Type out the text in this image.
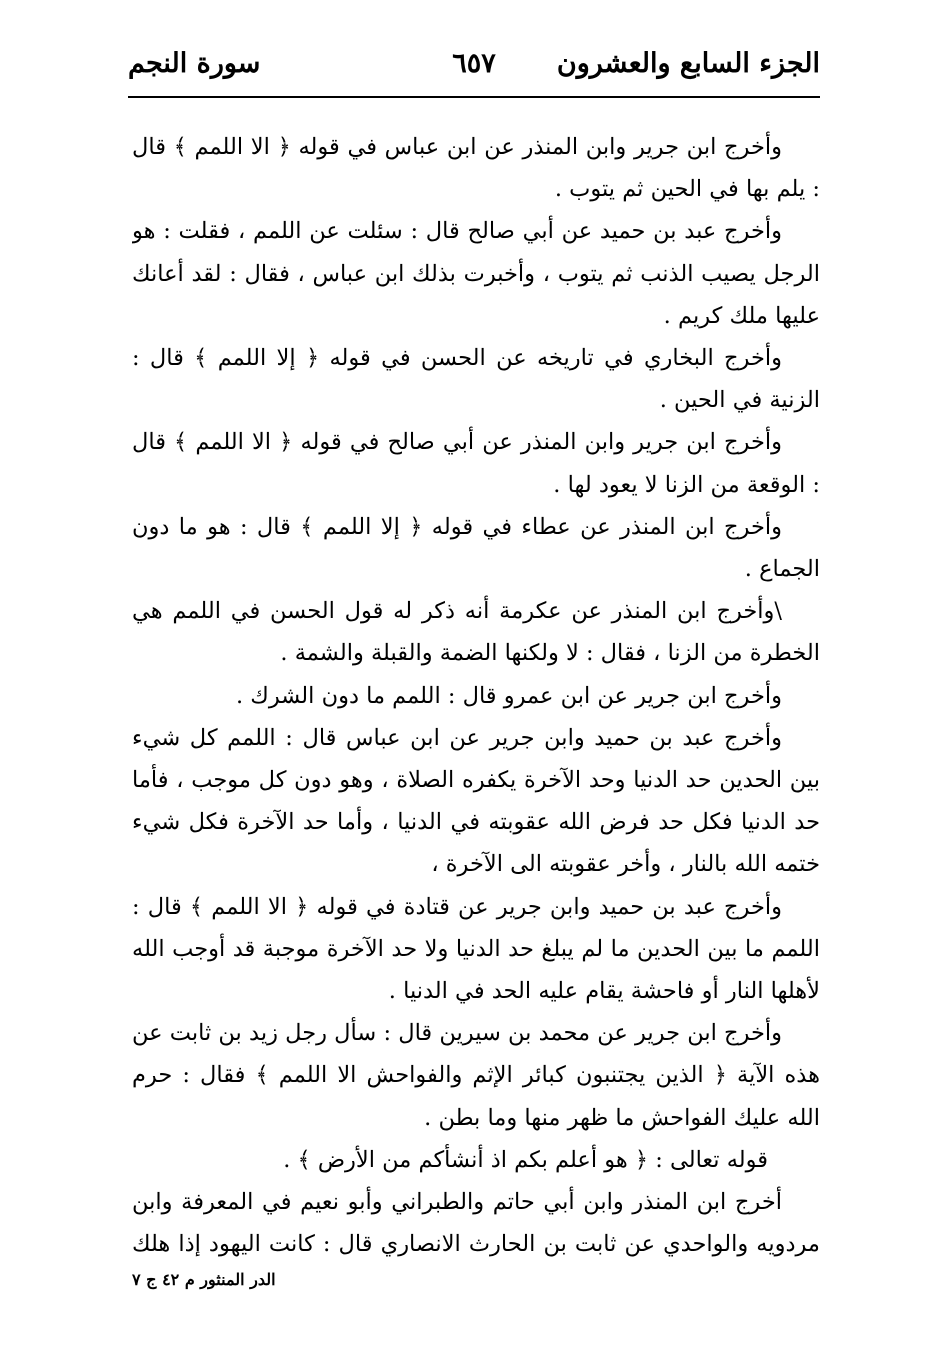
الجزء السابع والعشرون
٦٥٧
سورة النجم

وأخرج ابن جرير وابن المنذر عن ابن عباس في قوله ﴿ الا اللمم ﴾ قال : يلم بها في الحين ثم يتوب .

وأخرج عبد بن حميد عن أبي صالح قال : سئلت عن اللمم ، فقلت : هو الرجل يصيب الذنب ثم يتوب ، وأخبرت بذلك ابن عباس ، فقال : لقد أعانك عليها ملك كريم .

وأخرج البخاري في تاريخه عن الحسن في قوله ﴿ إلا اللمم ﴾ قال : الزنية في الحين .

وأخرج ابن جرير وابن المنذر عن أبي صالح في قوله ﴿ الا اللمم ﴾ قال : الوقعة من الزنا لا يعود لها .

وأخرج ابن المنذر عن عطاء في قوله ﴿ إلا اللمم ﴾ قال : هو ما دون الجماع .

\وأخرج ابن المنذر عن عكرمة أنه ذكر له قول الحسن في اللمم هي الخطرة من الزنا ، فقال : لا ولكنها الضمة والقبلة والشمة .

وأخرج ابن جرير عن ابن عمرو قال : اللمم ما دون الشرك .

وأخرج عبد بن حميد وابن جرير عن ابن عباس قال : اللمم كل شيء بين الحدين حد الدنيا وحد الآخرة يكفره الصلاة ، وهو دون كل موجب ، فأما حد الدنيا فكل حد فرض الله عقوبته في الدنيا ، وأما حد الآخرة فكل شيء ختمه الله بالنار ، وأخر عقوبته الى الآخرة ،

وأخرج عبد بن حميد وابن جرير عن قتادة في قوله ﴿ الا اللمم ﴾ قال : اللمم ما بين الحدين ما لم يبلغ حد الدنيا ولا حد الآخرة موجبة قد أوجب الله لأهلها النار أو فاحشة يقام عليه الحد في الدنيا .

وأخرج ابن جرير عن محمد بن سيرين قال : سأل رجل زيد بن ثابت عن هذه الآية ﴿ الذين يجتنبون كبائر الإثم والفواحش الا اللمم ﴾ فقال : حرم الله عليك الفواحش ما ظهر منها وما بطن .

قوله تعالى : ﴿ هو أعلم بكم اذ أنشأكم من الأرض ﴾ .

أخرج ابن المنذر وابن أبي حاتم والطبراني وأبو نعيم في المعرفة وابن مردويه والواحدي عن ثابت بن الحارث الانصاري قال : كانت اليهود إذا هلك

الدر المنثور م ٤٢ ج ٧
